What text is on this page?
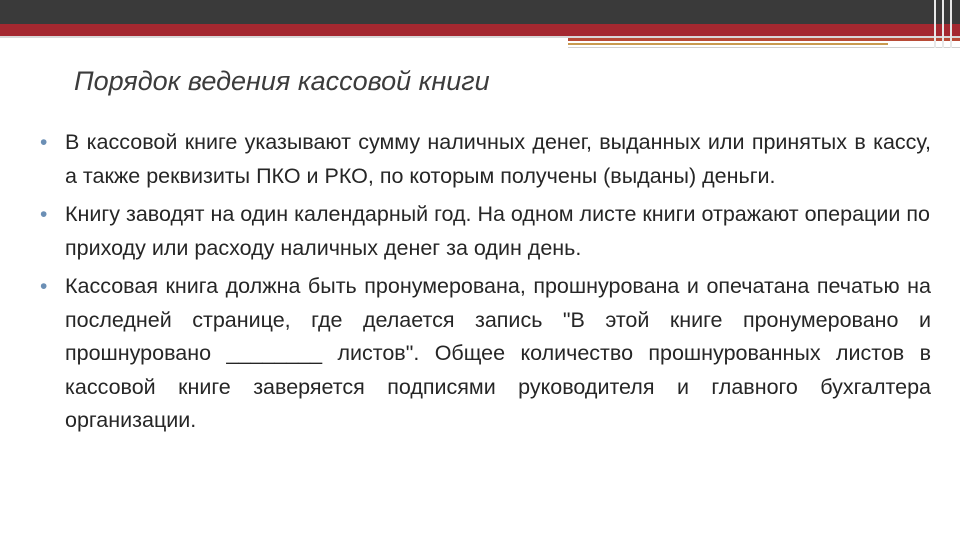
Порядок ведения кассовой книги
• В кассовой книге указывают сумму наличных денег, выданных или принятых в кассу, а также реквизиты ПКО и РКО, по которым получены (выданы) деньги.
• Книгу заводят на один календарный год. На одном листе книги отражают операции по приходу или расходу наличных денег за один день.
• Кассовая книга должна быть пронумерована, прошнурована и опечатана печатью на последней странице, где делается запись "В этой книге пронумеровано и прошнуровано ________ листов". Общее количество прошнурованных листов в кассовой книге заверяется подписями руководителя и главного бухгалтера организации.
